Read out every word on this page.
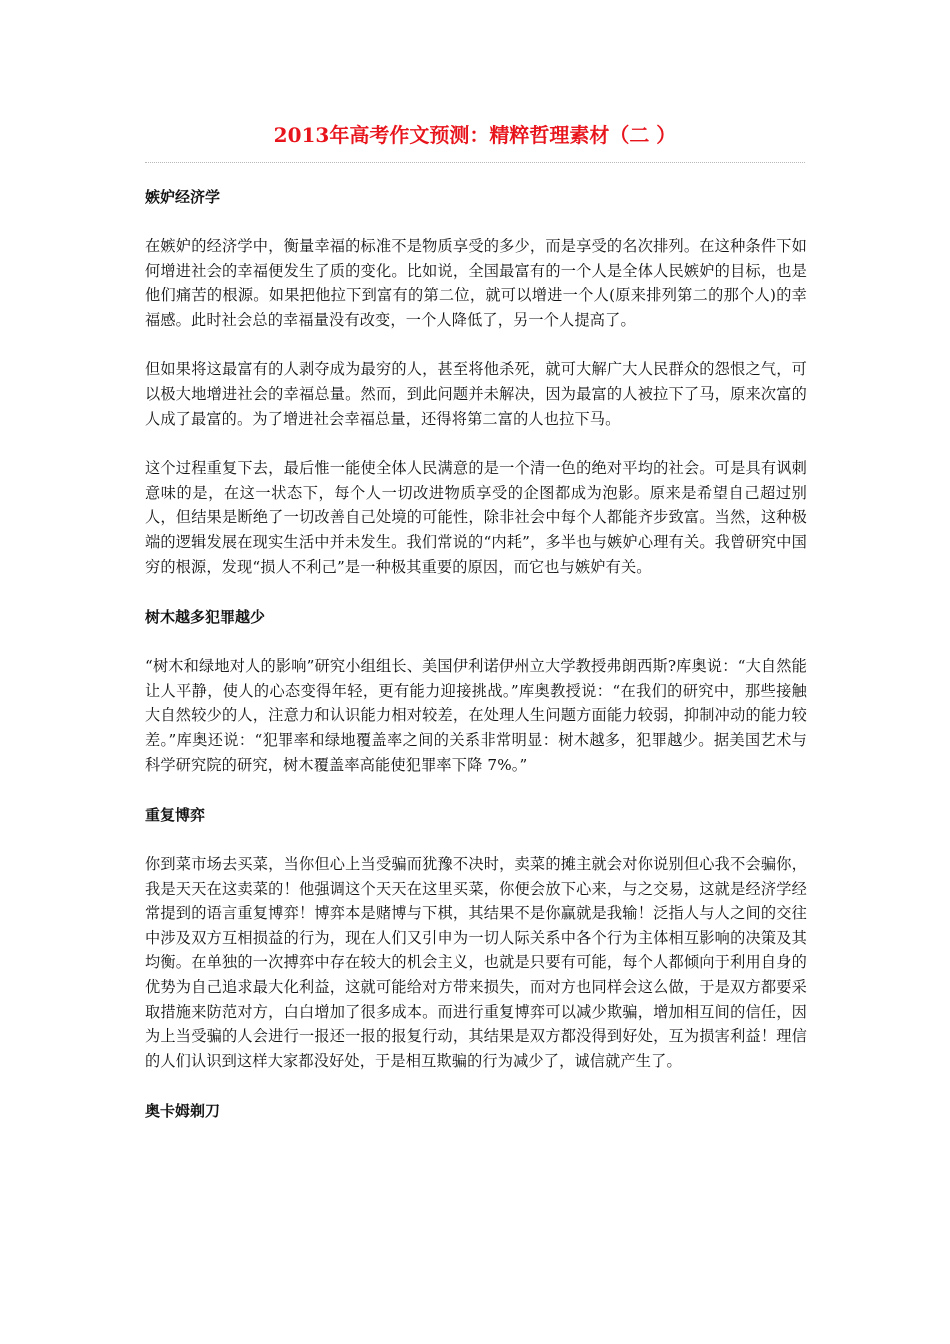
2013年高考作文预测：精粹哲理素材（二 ）
嫉妒经济学

在嫉妒的经济学中，衡量幸福的标准不是物质享受的多少，而是享受的名次排列。在这种条件下如何增进社会的幸福便发生了质的变化。比如说，全国最富有的一个人是全体人民嫉妒的目标，也是他们痛苦的根源。如果把他拉下到富有的第二位，就可以增进一个人(原来排列第二的那个人)的幸福感。此时社会总的幸福量没有改变，一个人降低了，另一个人提高了。

但如果将这最富有的人剥夺成为最穷的人，甚至将他杀死，就可大解广大人民群众的怨恨之气，可以极大地增进社会的幸福总量。然而，到此问题并未解决，因为最富的人被拉下了马，原来次富的人成了最富的。为了增进社会幸福总量，还得将第二富的人也拉下马。

这个过程重复下去，最后惟一能使全体人民满意的是一个清一色的绝对平均的社会。可是具有讽刺意味的是，在这一状态下，每个人一切改进物质享受的企图都成为泡影。原来是希望自己超过别人，但结果是断绝了一切改善自己处境的可能性，除非社会中每个人都能齐步致富。当然，这种极端的逻辑发展在现实生活中并未发生。我们常说的“内耗”，多半也与嫉妒心理有关。我曾研究中国穷的根源，发现“损人不利己”是一种极其重要的原因，而它也与嫉妒有关。

树木越多犯罪越少

“树木和绿地对人的影响”研究小组组长、美国伊利诺伊州立大学教授弗朗西斯?库奥说：“大自然能让人平静，使人的心态变得年轻，更有能力迎接挑战。”库奥教授说：“在我们的研究中，那些接触大自然较少的人，注意力和认识能力相对较差，在处理人生问题方面能力较弱，抑制冲动的能力较差。”库奥还说：“犯罪率和绿地覆盖率之间的关系非常明显：树木越多，犯罪越少。据美国艺术与科学研究院的研究，树木覆盖率高能使犯罪率下降 7%。”

重复博弈

你到菜市场去买菜，当你但心上当受骗而犹豫不决时，卖菜的摊主就会对你说别但心我不会骗你，我是天天在这卖菜的！他强调这个天天在这里买菜，你便会放下心来，与之交易，这就是经济学经常提到的语言重复博弈！博弈本是赌博与下棋，其结果不是你赢就是我输！泛指人与人之间的交往中涉及双方互相损益的行为，现在人们又引申为一切人际关系中各个行为主体相互影响的决策及其均衡。在单独的一次搏弈中存在较大的机会主义，也就是只要有可能，每个人都倾向于利用自身的优势为自己追求最大化利益，这就可能给对方带来损失，而对方也同样会这么做，于是双方都要采取措施来防范对方，白白增加了很多成本。而进行重复博弈可以减少欺骗，增加相互间的信任，因为上当受骗的人会进行一报还一报的报复行动，其结果是双方都没得到好处，互为损害利益！理信的人们认识到这样大家都没好处，于是相互欺骗的行为减少了，诚信就产生了。

奥卡姆剃刀
